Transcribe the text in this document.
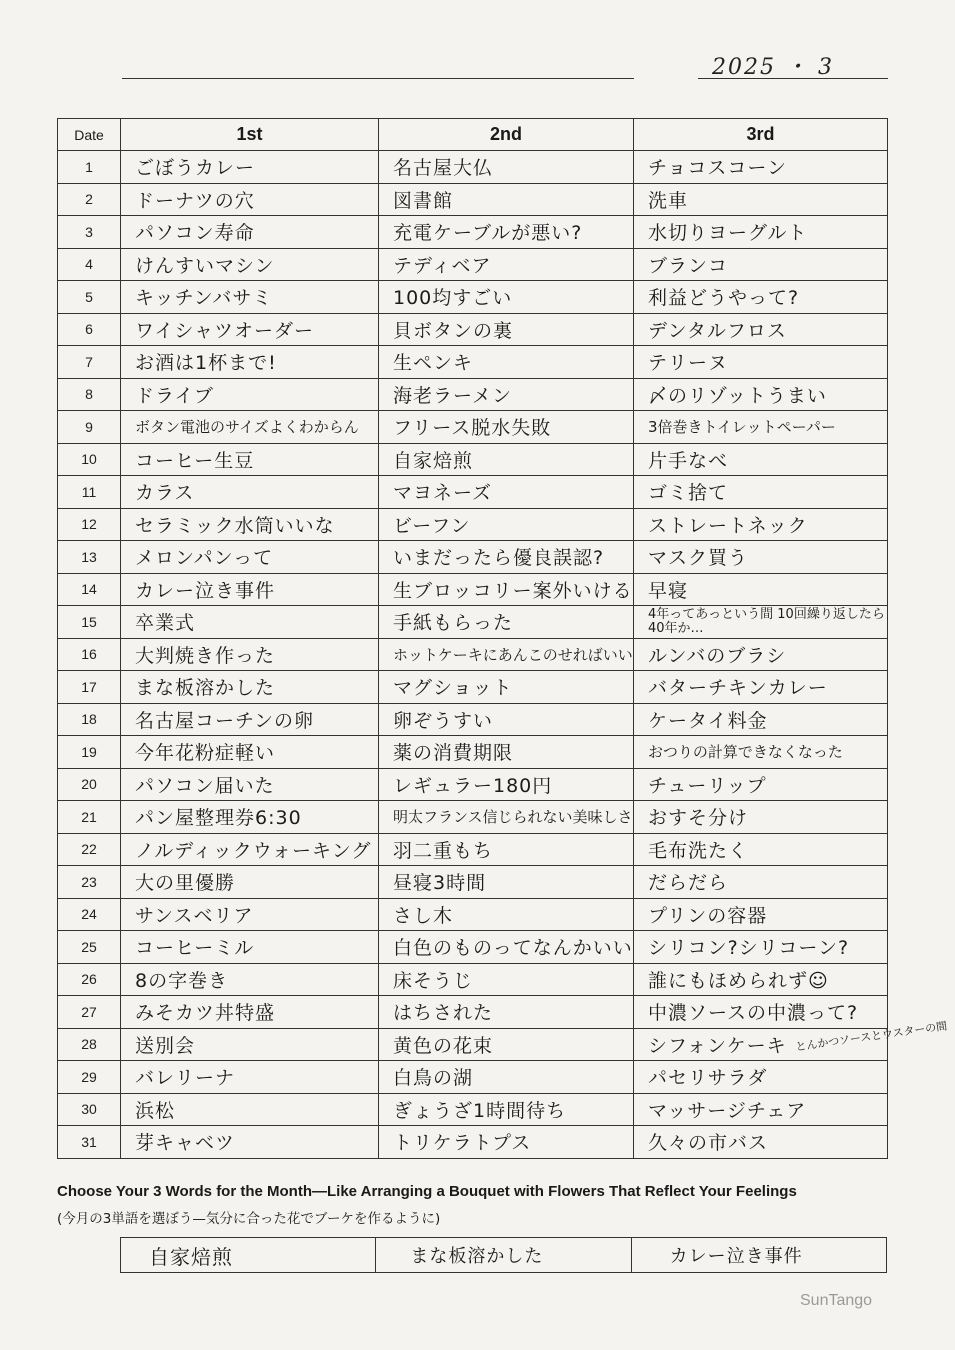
2025 ・ 3
Date	1st	2nd	3rd
1	ごぼうカレー	名古屋大仏	チョコスコーン
2	ドーナツの穴	図書館	洗車
3	パソコン寿命	充電ケーブルが悪い?	水切りヨーグルト
4	けんすいマシン	テディベア	ブランコ
5	キッチンバサミ	100均すごい	利益どうやって?
6	ワイシャツオーダー	貝ボタンの裏	デンタルフロス
7	お酒は1杯まで!	生ペンキ	テリーヌ
8	ドライブ	海老ラーメン	〆のリゾットうまい
9	ボタン電池のサイズよくわからん	フリース脱水失敗	3倍巻きトイレットペーパー
10	コーヒー生豆	自家焙煎	片手なべ
11	カラス	マヨネーズ	ゴミ捨て
12	セラミック水筒いいな	ビーフン	ストレートネック
13	メロンパンって	いまだったら優良誤認?	マスク買う
14	カレー泣き事件	生ブロッコリー案外いける	早寝
15	卒業式	手紙もらった	4年ってあっという間 10回繰り返したら40年か…
16	大判焼き作った	ホットケーキにあんこのせればいい	ルンバのブラシ
17	まな板溶かした	マグショット	バターチキンカレー
18	名古屋コーチンの卵	卵ぞうすい	ケータイ料金
19	今年花粉症軽い	薬の消費期限	おつりの計算できなくなった
20	パソコン届いた	レギュラー180円	チューリップ
21	パン屋整理券6:30	明太フランス信じられない美味しさ	おすそ分け
22	ノルディックウォーキング	羽二重もち	毛布洗たく
23	大の里優勝	昼寝3時間	だらだら
24	サンスベリア	さし木	プリンの容器
25	コーヒーミル	白色のものってなんかいい	シリコン?シリコーン?
26	8の字巻き	床そうじ	誰にもほめられず☺
27	みそカツ丼特盛	はちされた	中濃ソースの中濃って?
28	送別会	黄色の花束	シフォンケーキ
29	バレリーナ	白鳥の湖	パセリサラダ
30	浜松	ぎょうざ1時間待ち	マッサージチェア
31	芽キャベツ	トリケラトプス	久々の市バス
とんかつソースとウスターの間
Choose Your 3 Words for the Month—Like Arranging a Bouquet with Flowers That Reflect Your Feelings
(今月の3単語を選ぼう—気分に合った花でブーケを作るように)
自家焙煎	まな板溶かした	カレー泣き事件
SunTango
